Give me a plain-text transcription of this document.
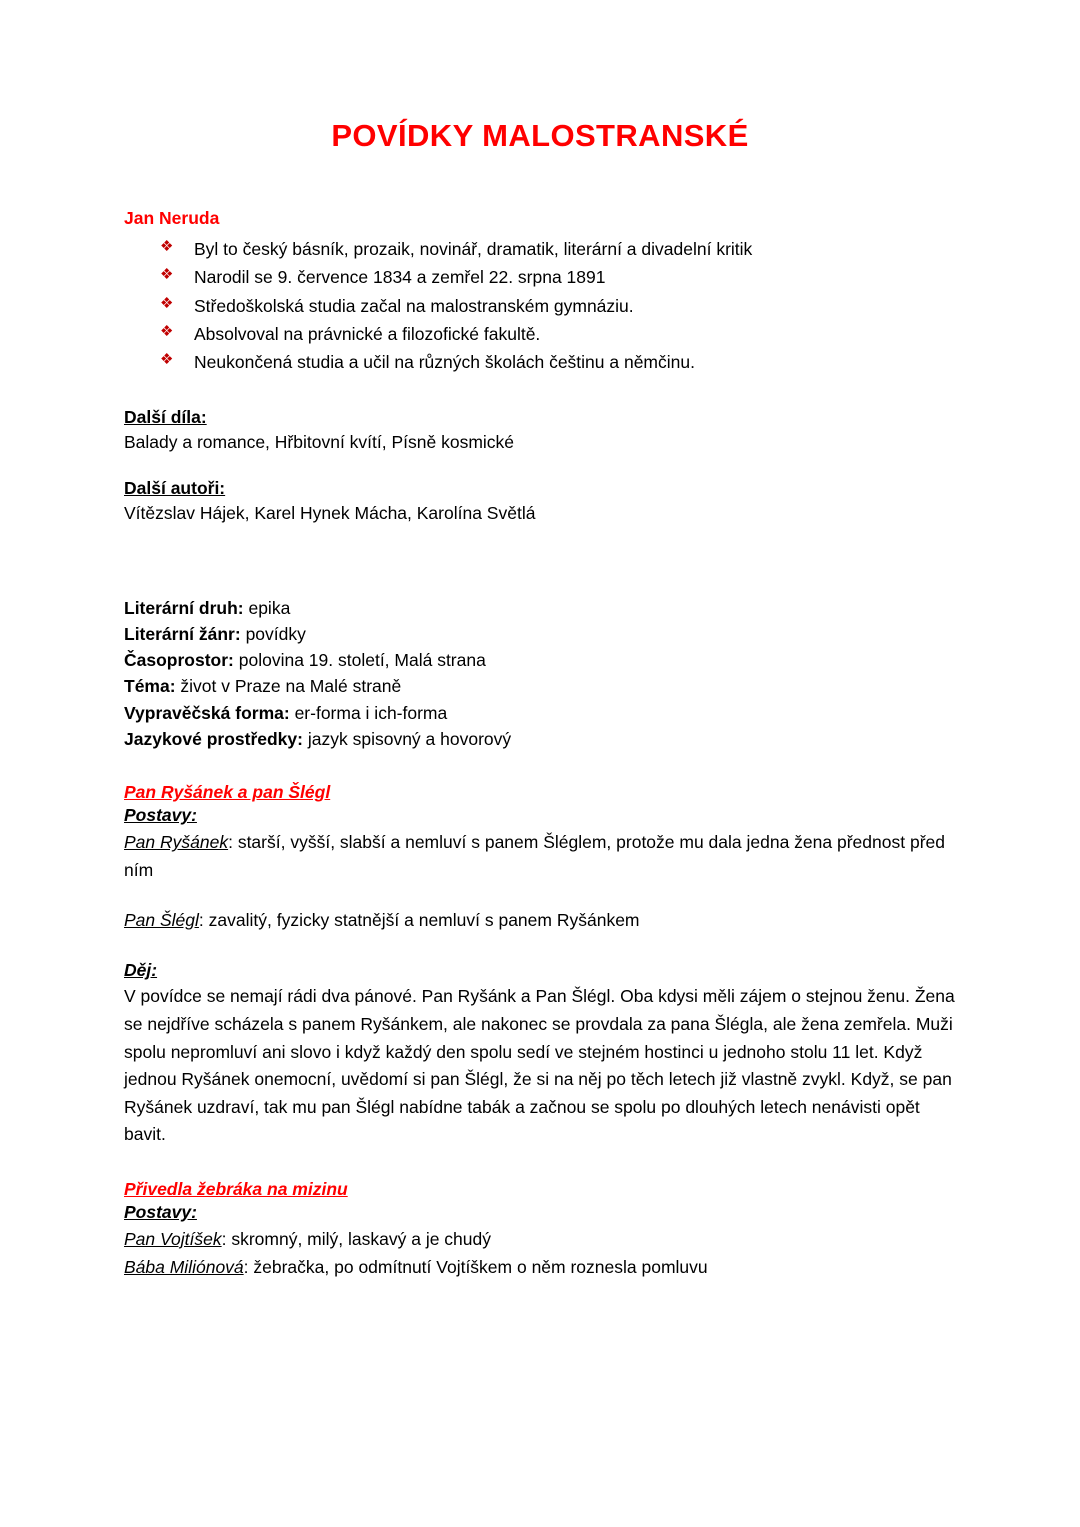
POVÍDKY MALOSTRANSKÉ
Jan Neruda
❖ Byl to český básník, prozaik, novinář, dramatik, literární a divadelní kritik
❖ Narodil se 9. července 1834 a zemřel 22. srpna 1891
❖ Středoškolská studia začal na malostranském gymnáziu.
❖ Absolvoval na právnické a filozofické fakultě.
❖ Neukončená studia a učil na různých školách češtinu a němčinu.
Další díla:
Balady a romance, Hřbitovní kvítí, Písně kosmické
Další autoři:
Vítězslav Hájek, Karel Hynek Mácha, Karolína Světlá
Literární druh: epika
Literární žánr: povídky
Časoprostor: polovina 19. století, Malá strana
Téma: život v Praze na Malé straně
Vypravěčská forma: er-forma i ich-forma
Jazykové prostředky: jazyk spisovný a hovorový
Pan Ryšánek a pan Šlégl
Postavy:
Pan Ryšánek: starší, vyšší, slabší a nemluví s panem Šléglem, protože mu dala jedna žena přednost před ním
Pan Šlégl: zavalitý, fyzicky statnější a nemluví s panem Ryšánkem
Děj:
V povídce se nemají rádi dva pánové. Pan Ryšánk a Pan Šlégl. Oba kdysi měli zájem o stejnou ženu. Žena se nejdříve scházela s panem Ryšánkem, ale nakonec se provdala za pana Šlégla, ale žena zemřela. Muži spolu nepromluví ani slovo i když každý den spolu sedí ve stejném hostinci u jednoho stolu 11 let. Když jednou Ryšánek onemocní, uvědomí si pan Šlégl, že si na něj po těch letech již vlastně zvykl. Když, se pan Ryšánek uzdraví, tak mu pan Šlégl nabídne tabák a začnou se spolu po dlouhých letech nenávisti opět bavit.
Přivedla žebráka na mizinu
Postavy:
Pan Vojtíšek: skromný, milý, laskavý a je chudý
Bába Miliónová: žebračka, po odmítnutí Vojtíškem o něm roznesla pomluvu
